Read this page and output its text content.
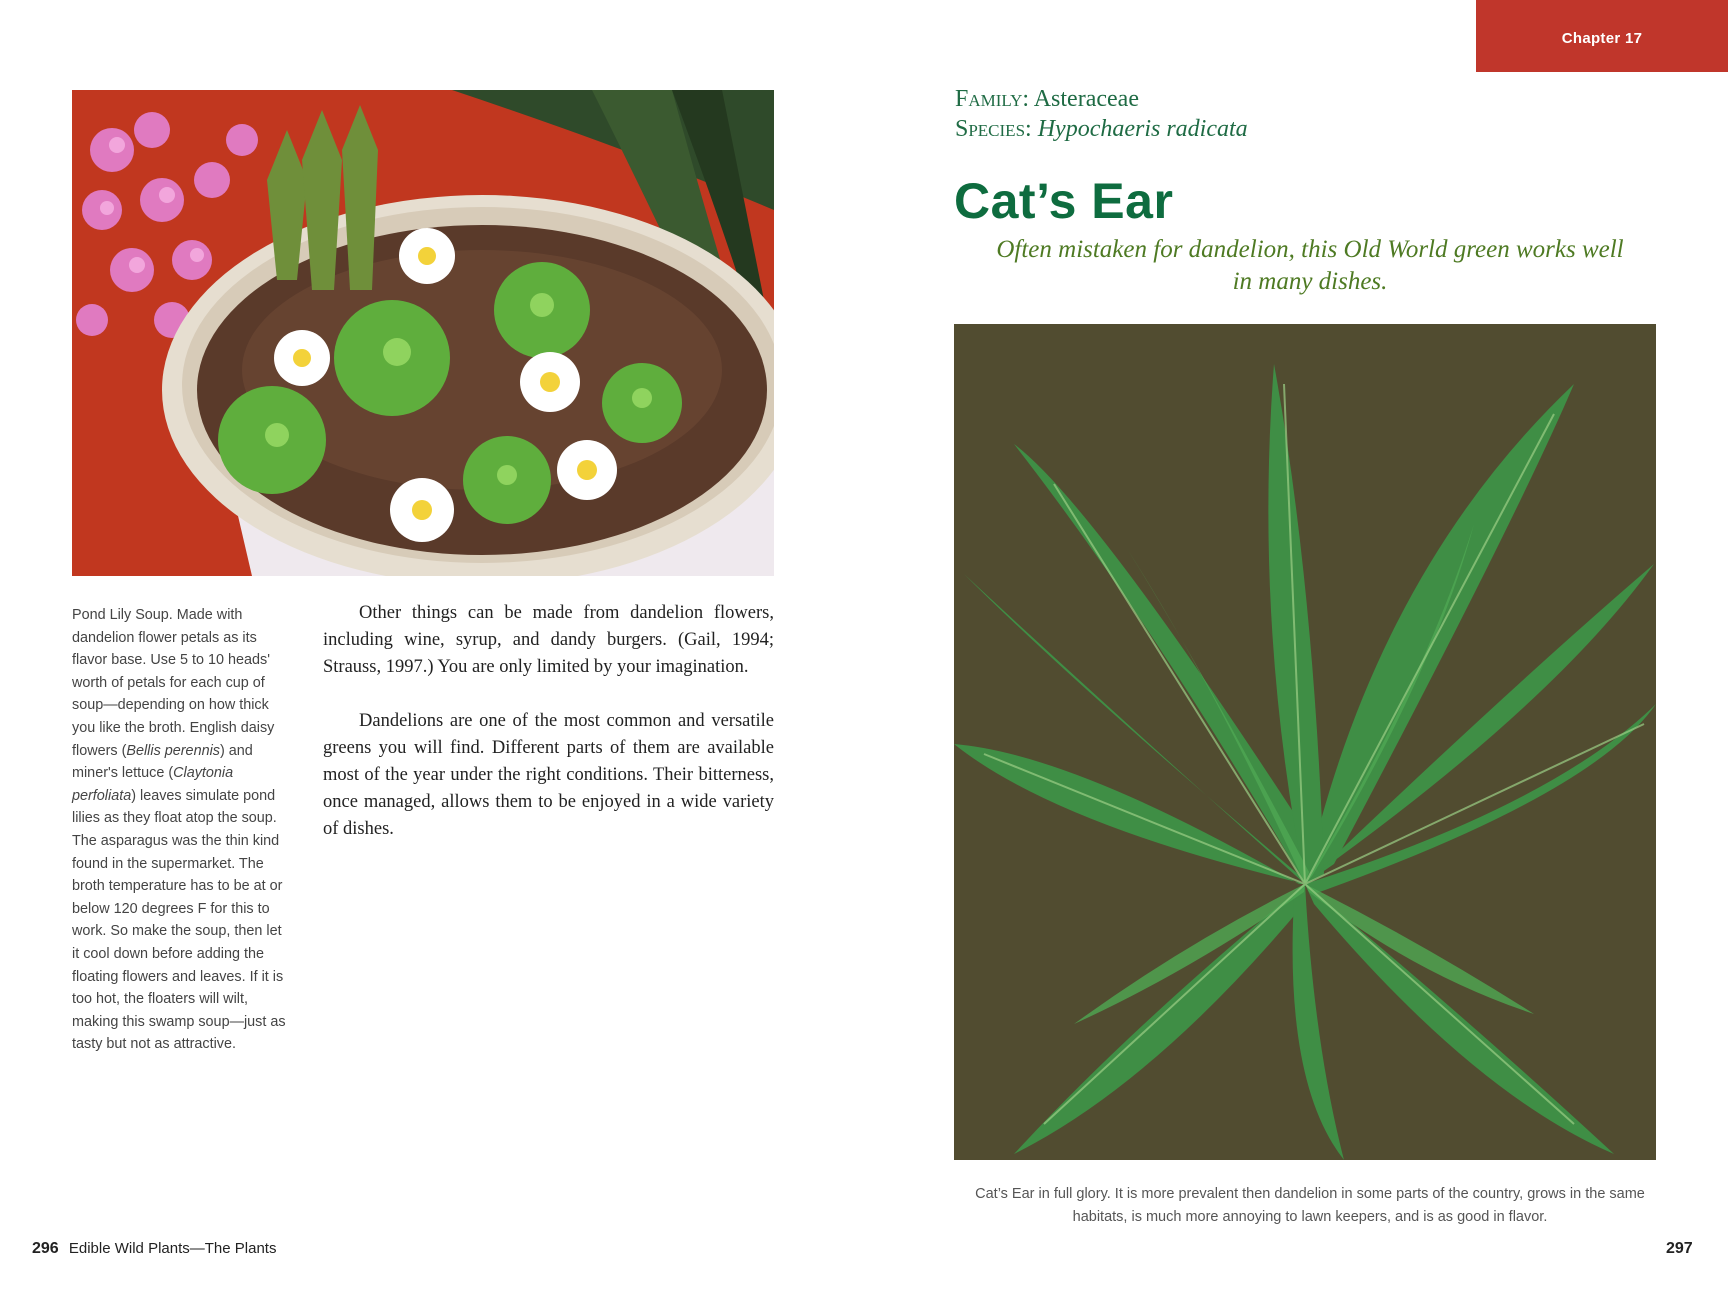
Chapter 17

Pond Lily Soup. Made with dandelion flower petals as its flavor base. Use 5 to 10 heads' worth of petals for each cup of soup—depending on how thick you like the broth. English daisy flowers (Bellis perennis) and miner's lettuce (Claytonia perfoliata) leaves simulate pond lilies as they float atop the soup. The asparagus was the thin kind found in the supermarket. The broth temperature has to be at or below 120 degrees F for this to work. So make the soup, then let it cool down before adding the floating flowers and leaves. If it is too hot, the floaters will wilt, making this swamp soup—just as tasty but not as attractive.

Other things can be made from dandelion flowers, including wine, syrup, and dandy burgers. (Gail, 1994; Strauss, 1997.) You are only limited by your imagination.

Dandelions are one of the most common and versatile greens you will find. Different parts of them are available most of the year under the right conditions. Their bitterness, once managed, allows them to be enjoyed in a wide variety of dishes.

Family: Asteraceae
Species: Hypochaeris radicata
Cat’s Ear
Often mistaken for dandelion, this Old World green works well in many dishes.
Cat’s Ear in full glory. It is more prevalent then dandelion in some parts of the country, grows in the same habitats, is much more annoying to lawn keepers, and is as good in flavor.
296 Edible Wild Plants—The Plants	297
